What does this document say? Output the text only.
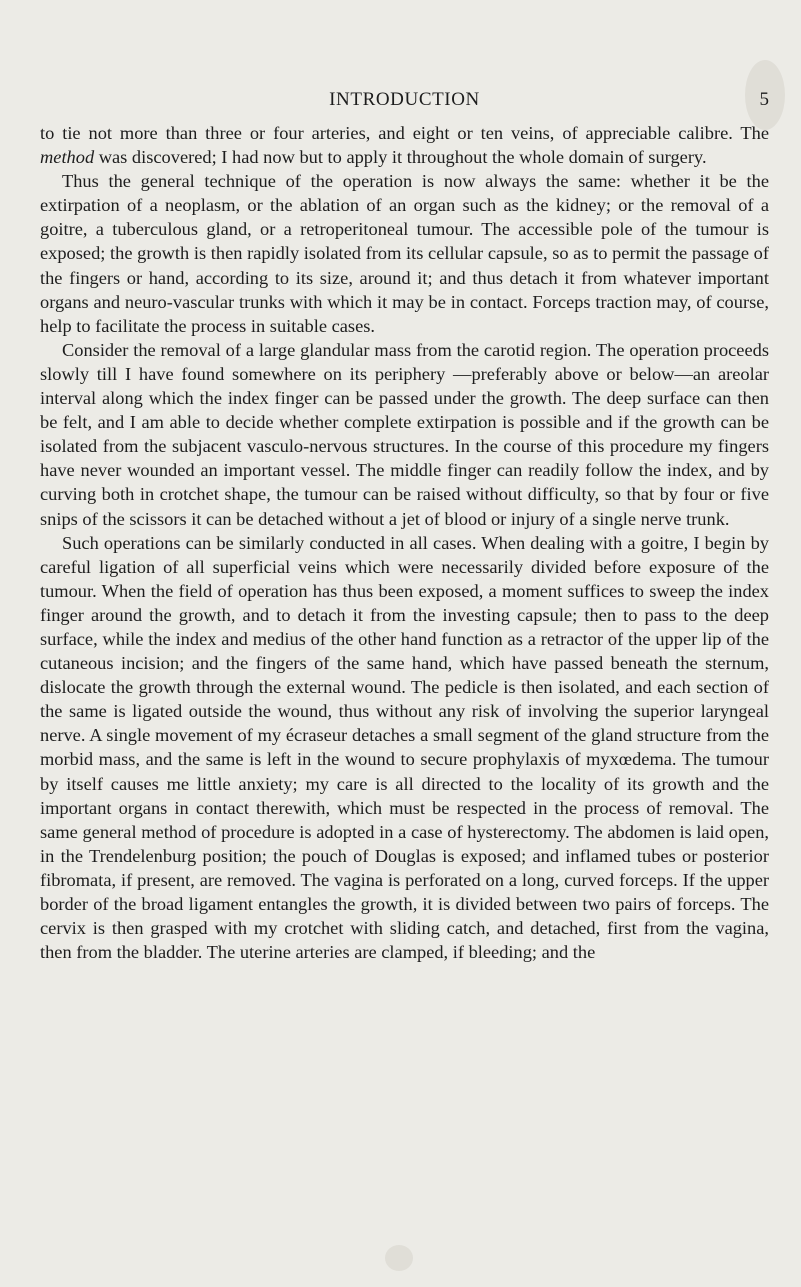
INTRODUCTION	5

to tie not more than three or four arteries, and eight or ten veins, of appreciable calibre. The method was discovered; I had now but to apply it throughout the whole domain of surgery.

Thus the general technique of the operation is now always the same: whether it be the extirpation of a neoplasm, or the ablation of an organ such as the kidney; or the removal of a goitre, a tuberculous gland, or a retroperitoneal tumour. The accessible pole of the tumour is exposed; the growth is then rapidly isolated from its cellular capsule, so as to permit the passage of the fingers or hand, according to its size, around it; and thus detach it from whatever important organs and neuro-vascular trunks with which it may be in contact. Forceps traction may, of course, help to facilitate the process in suitable cases.

Consider the removal of a large glandular mass from the carotid region. The operation proceeds slowly till I have found somewhere on its periphery —preferably above or below—an areolar interval along which the index finger can be passed under the growth. The deep surface can then be felt, and I am able to decide whether complete extirpation is possible and if the growth can be isolated from the subjacent vasculo-nervous structures. In the course of this procedure my fingers have never wounded an important vessel. The middle finger can readily follow the index, and by curving both in crotchet shape, the tumour can be raised without difficulty, so that by four or five snips of the scissors it can be detached without a jet of blood or injury of a single nerve trunk.

Such operations can be similarly conducted in all cases. When dealing with a goitre, I begin by careful ligation of all superficial veins which were necessarily divided before exposure of the tumour. When the field of operation has thus been exposed, a moment suffices to sweep the index finger around the growth, and to detach it from the investing capsule; then to pass to the deep surface, while the index and medius of the other hand function as a retractor of the upper lip of the cutaneous incision; and the fingers of the same hand, which have passed beneath the sternum, dislocate the growth through the external wound. The pedicle is then isolated, and each section of the same is ligated outside the wound, thus without any risk of involving the superior laryngeal nerve. A single movement of my écraseur detaches a small segment of the gland structure from the morbid mass, and the same is left in the wound to secure prophylaxis of myxœdema. The tumour by itself causes me little anxiety; my care is all directed to the locality of its growth and the important organs in contact therewith, which must be respected in the process of removal. The same general method of procedure is adopted in a case of hysterectomy. The abdomen is laid open, in the Trendelenburg position; the pouch of Douglas is exposed; and inflamed tubes or posterior fibromata, if present, are removed. The vagina is perforated on a long, curved forceps. If the upper border of the broad ligament entangles the growth, it is divided between two pairs of forceps. The cervix is then grasped with my crotchet with sliding catch, and detached, first from the vagina, then from the bladder. The uterine arteries are clamped, if bleeding; and the
